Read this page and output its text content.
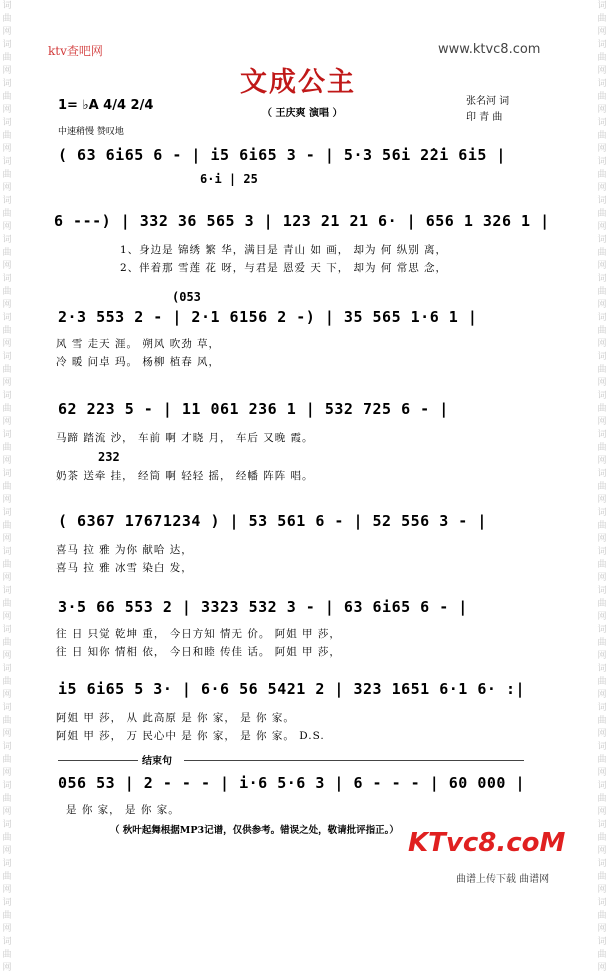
词曲网词曲网词曲网词曲网词曲网词曲网词曲网词曲网词曲网词曲网词曲网词曲网词曲网词曲网词曲网词曲网词曲网词曲网词曲网词曲网词曲网词曲网词曲网词曲网词曲网
词曲网词曲网词曲网词曲网词曲网词曲网词曲网词曲网词曲网词曲网词曲网词曲网词曲网词曲网词曲网词曲网词曲网词曲网词曲网词曲网词曲网词曲网词曲网词曲网词曲网
ktv查吧网	www.ktvc8.com
文成公主
（ 王庆爽 演唱 ）
张名河 词
印 青 曲
1= ♭A 4/4 2/4
中速稍慢 赞叹地
( 63 6i65 6 - | i5 6i65 3 - | 5·3 56i 2̇2̇i 6i5 |
6·i | 25
6 ---) | 332 36 565 3 | 123 21 21 6· | 656 1 326 1 |
1、身边是 锦绣 繁 华，满目是 青山 如 画， 却为 何 纵别 离，
2、伴着那 雪莲 花 呀，与君是 恩爱 天 下， 却为 何 常思 念，
(053
2·3 553 2 - | 2·1 6156 2 -) | 35 565 1·6 1 |
风 雪 走天 涯。 朔风 吹劲 草，
冷 暖 问卓 玛。 杨柳 植春 风，
62 223 5 - | 11 061 236 1 | 532 725 6 - |
马蹄 踏流 沙， 车前 啊 才晓 月， 车后 又晚 霞。
232
奶茶 送牵 挂， 经筒 啊 轻轻 摇， 经幡 阵阵 唱。
( 6367 17671234 ) | 53 561 6 - | 52 556 3 - |
喜马 拉 雅 为你 献哈 达，
喜马 拉 雅 冰雪 染白 发，
3·5 66 553 2 | 3323 532 3 - | 63 6i65 6 - |
往 日 只觉 乾坤 重， 今日方知 情无 价。 阿姐 甲 莎，
往 日 知你 情相 依， 今日和睦 传佳 话。 阿姐 甲 莎，
i5 6i65 5 3· | 6·6 56 5421 2 | 323 1651 6·1 6· :|
阿姐 甲 莎， 从 此高原 是 你 家， 是 你 家。
阿姐 甲 莎， 万 民心中 是 你 家， 是 你 家。 D.S.
结束句
056 53 | 2 - - - | i·6 5·6 3 | 6 - - - | 60 000 |
是 你 家， 是 你 家。
（ 秋叶起舞根据MP3记谱，仅供参考。错误之处，敬请批评指正。） KTvc8.coM
曲谱上传下载 曲谱网
